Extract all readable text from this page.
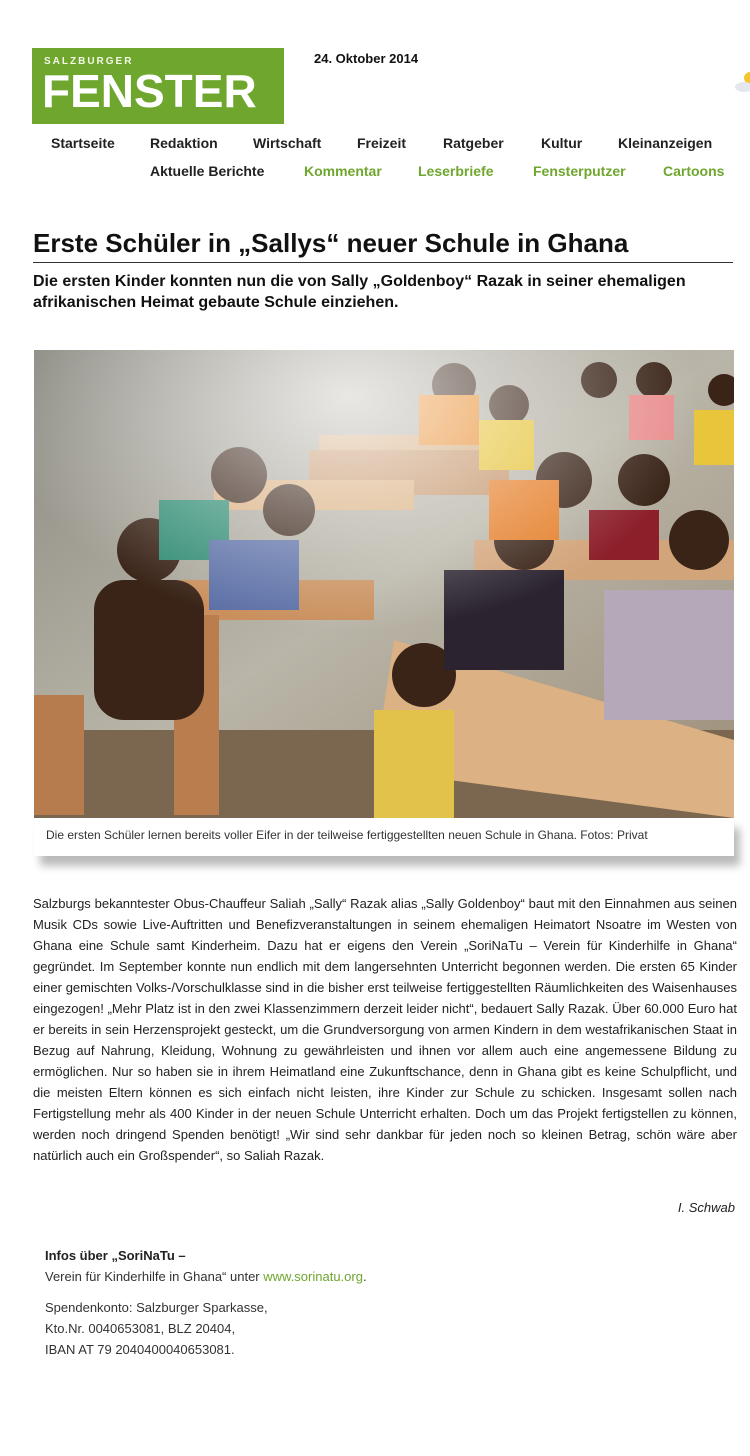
SALZBURGER
FENSTER
24. Oktober 2014
Startseite	Redaktion	Wirtschaft	Freizeit	Ratgeber	Kultur	Kleinanzeigen
Aktuelle Berichte	Kommentar	Leserbriefe	Fensterputzer	Cartoons
Erste Schüler in „Sallys“ neuer Schule in Ghana
Die ersten Kinder konnten nun die von Sally „Goldenboy“ Razak in seiner ehemaligen afrikanischen Heimat gebaute Schule einziehen.
Die ersten Schüler lernen bereits voller Eifer in der teilweise fertiggestellten neuen Schule in Ghana. Fotos: Privat
Salzburgs bekanntester Obus-Chauffeur Saliah „Sally“ Razak alias „Sally Goldenboy“ baut mit den Einnahmen aus seinen Musik CDs sowie Live-Auftritten und Benefizveranstaltungen in seinem ehemaligen Heimatort Nsoatre im Westen von Ghana eine Schule samt Kinderheim. Dazu hat er eigens den Verein „SoriNaTu – Verein für Kinderhilfe in Ghana“ gegründet. Im September konnte nun endlich mit dem langersehnten Unterricht begonnen werden. Die ersten 65 Kinder einer gemischten Volks-/Vorschulklasse sind in die bisher erst teilweise fertiggestellten Räumlichkeiten des Waisenhauses eingezogen! „Mehr Platz ist in den zwei Klassenzimmern derzeit leider nicht“, bedauert Sally Razak. Über 60.000 Euro hat er bereits in sein Herzensprojekt gesteckt, um die Grundversorgung von armen Kindern in dem westafrikanischen Staat in Bezug auf Nahrung, Kleidung, Wohnung zu gewährleisten und ihnen vor allem auch eine angemessene Bildung zu ermöglichen. Nur so haben sie in ihrem Heimatland eine Zukunftschance, denn in Ghana gibt es keine Schulpflicht, und die meisten Eltern können es sich einfach nicht leisten, ihre Kinder zur Schule zu schicken. Insgesamt sollen nach Fertigstellung mehr als 400 Kinder in der neuen Schule Unterricht erhalten. Doch um das Projekt fertigstellen zu können, werden noch dringend Spenden benötigt! „Wir sind sehr dankbar für jeden noch so kleinen Betrag, schön wäre aber natürlich auch ein Großspender“, so Saliah Razak.
I. Schwab
Infos über „SoriNaTu –
Verein für Kinderhilfe in Ghana“ unter www.sorinatu.org.
Spendenkonto: Salzburger Sparkasse,
Kto.Nr. 0040653081, BLZ 20404,
IBAN AT 79 2040400040653081.
